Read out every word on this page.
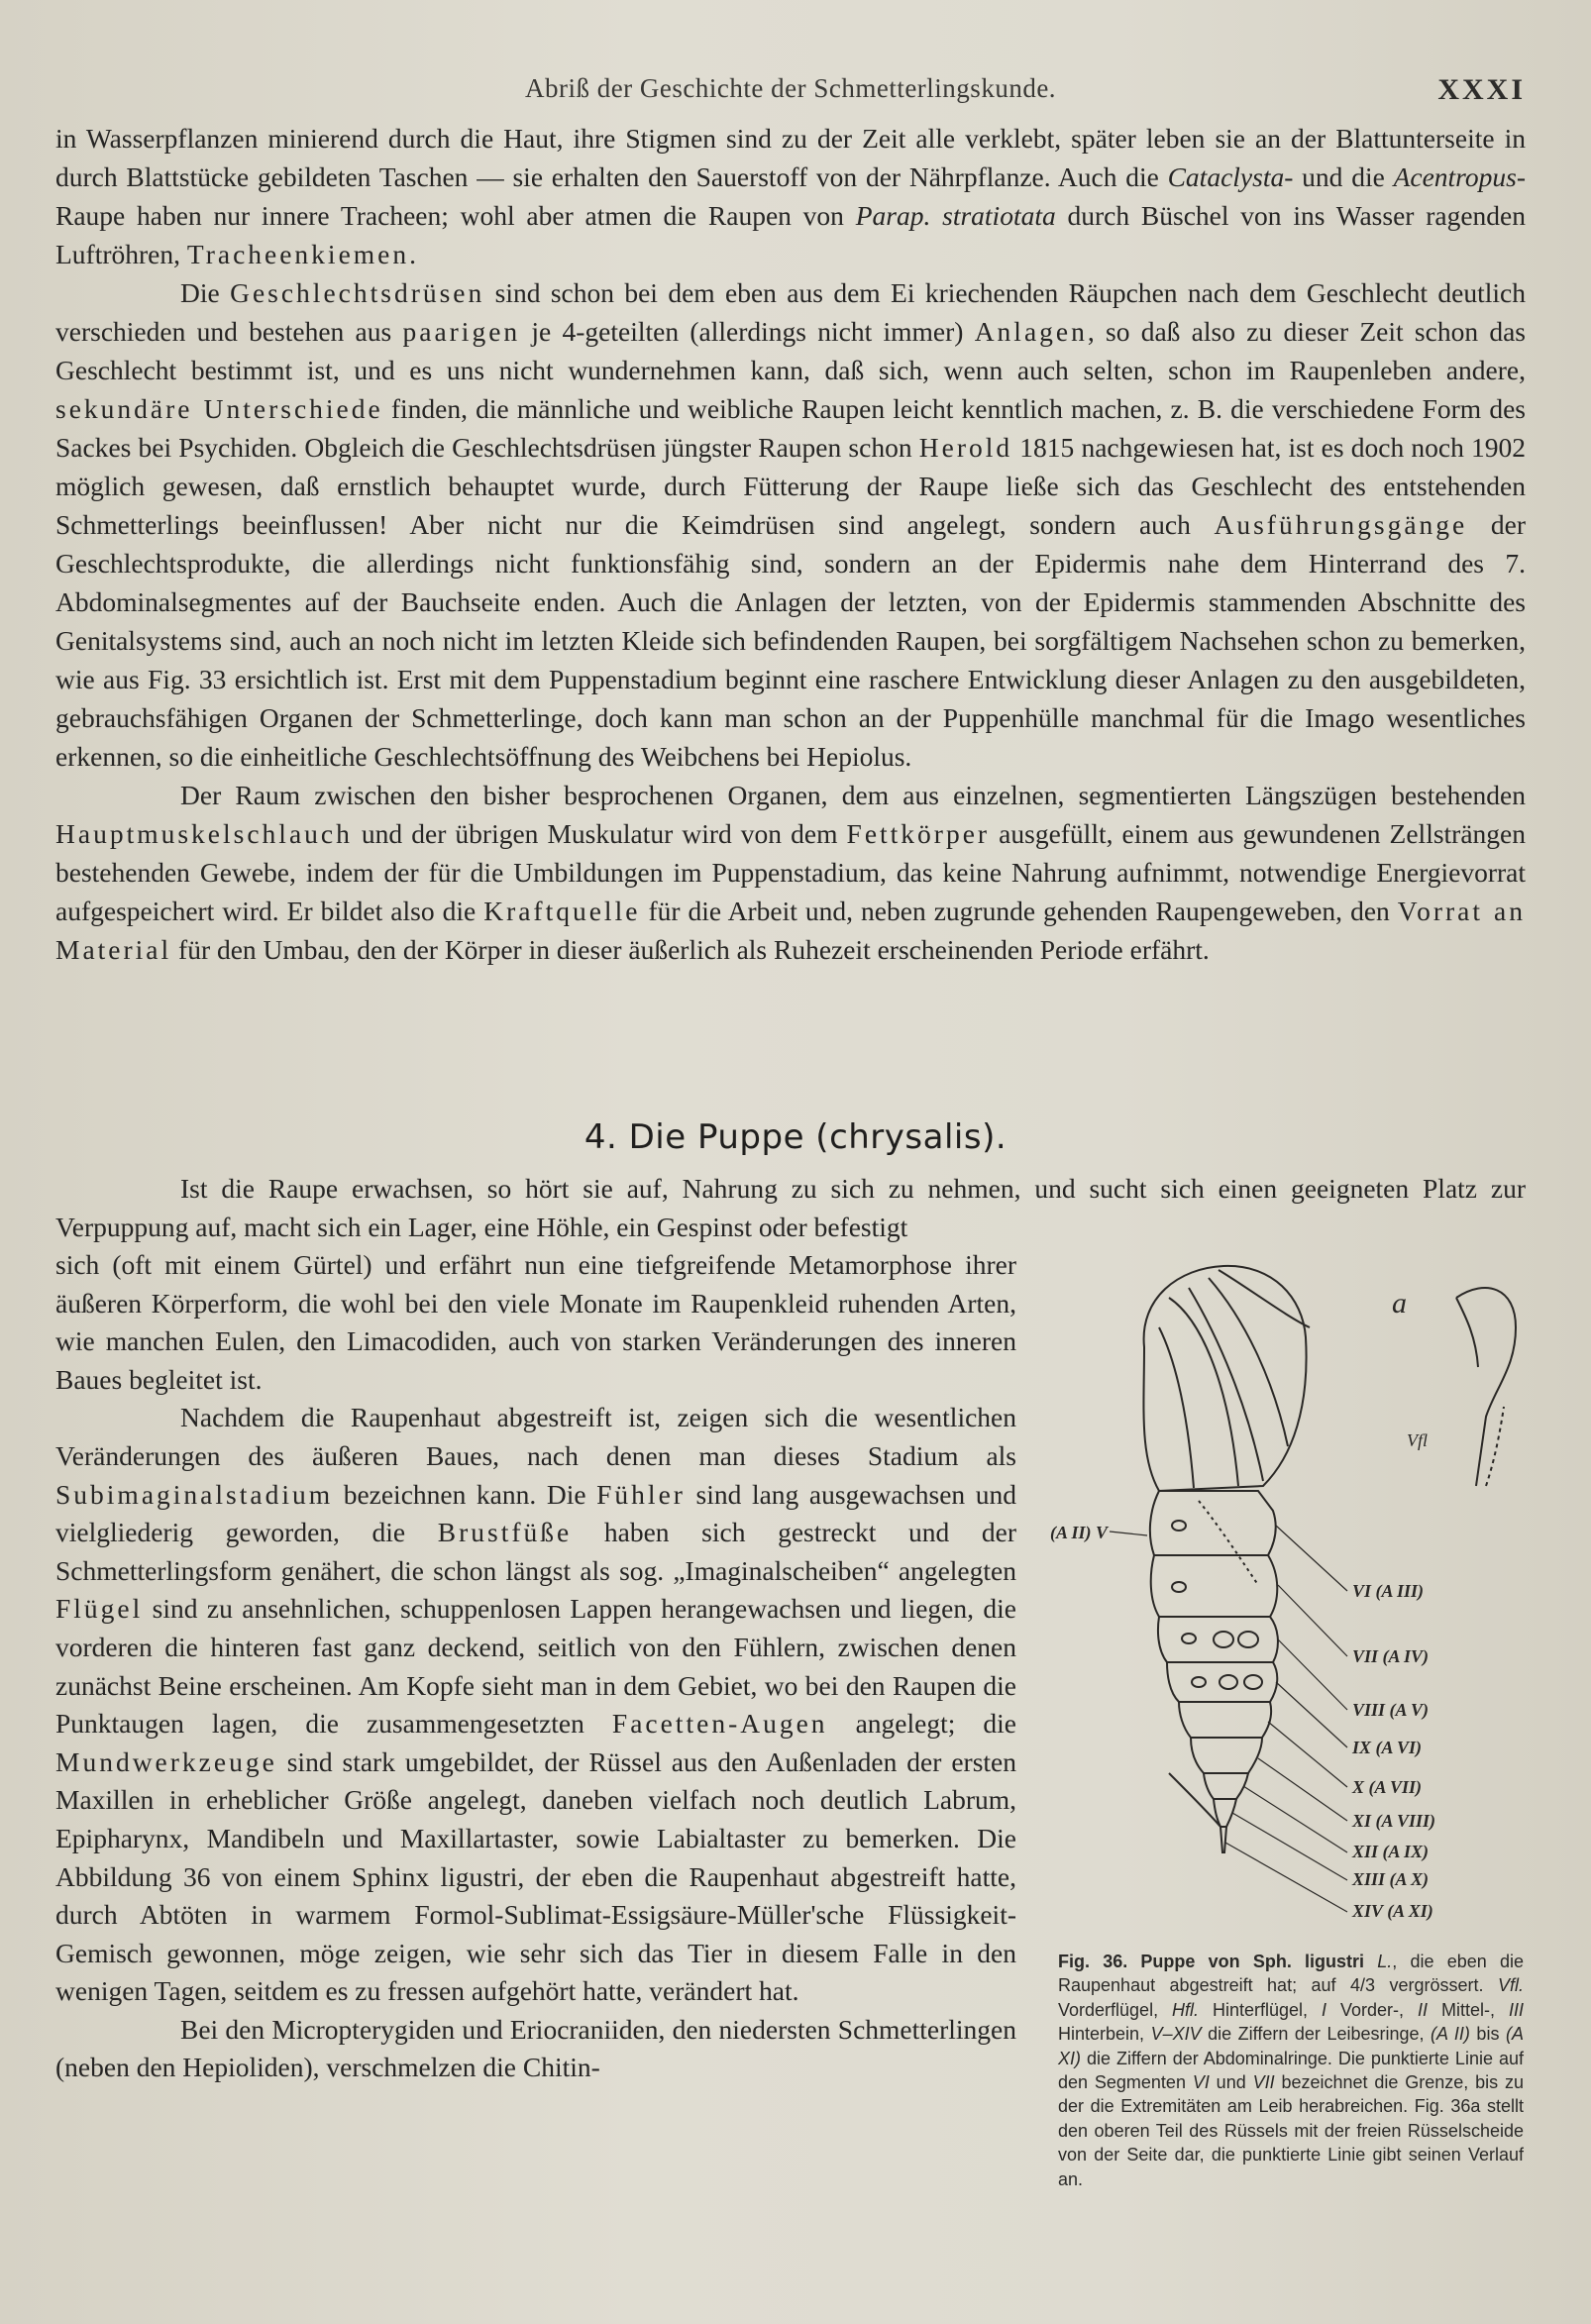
Abriß der Geschichte der Schmetterlingskunde.	XXXI

in Wasserpflanzen minierend durch die Haut, ihre Stigmen sind zu der Zeit alle verklebt, später leben sie an der Blattunterseite in durch Blattstücke gebildeten Taschen — sie erhalten den Sauerstoff von der Nährpflanze. Auch die Cataclysta- und die Acentropus-Raupe haben nur innere Tracheen; wohl aber atmen die Raupen von Parap. stratiotata durch Büschel von ins Wasser ragenden Luftröhren, Tracheenkiemen.

Die Geschlechtsdrüsen sind schon bei dem eben aus dem Ei kriechenden Räupchen nach dem Geschlecht deutlich verschieden und bestehen aus paarigen je 4-geteilten (allerdings nicht immer) Anlagen, so daß also zu dieser Zeit schon das Geschlecht bestimmt ist, und es uns nicht wundernehmen kann, daß sich, wenn auch selten, schon im Raupenleben andere, sekundäre Unterschiede finden, die männliche und weibliche Raupen leicht kenntlich machen, z. B. die verschiedene Form des Sackes bei Psychiden. Obgleich die Geschlechtsdrüsen jüngster Raupen schon Herold 1815 nachgewiesen hat, ist es doch noch 1902 möglich gewesen, daß ernstlich behauptet wurde, durch Fütterung der Raupe ließe sich das Geschlecht des entstehenden Schmetterlings beeinflussen! Aber nicht nur die Keimdrüsen sind angelegt, sondern auch Ausführungsgänge der Geschlechtsprodukte, die allerdings nicht funktionsfähig sind, sondern an der Epidermis nahe dem Hinterrand des 7. Abdominalsegmentes auf der Bauchseite enden. Auch die Anlagen der letzten, von der Epidermis stammenden Abschnitte des Genitalsystems sind, auch an noch nicht im letzten Kleide sich befindenden Raupen, bei sorgfältigem Nachsehen schon zu bemerken, wie aus Fig. 33 ersichtlich ist. Erst mit dem Puppenstadium beginnt eine raschere Entwicklung dieser Anlagen zu den ausgebildeten, gebrauchsfähigen Organen der Schmetterlinge, doch kann man schon an der Puppenhülle manchmal für die Imago wesentliches erkennen, so die einheitliche Geschlechtsöffnung des Weibchens bei Hepiolus.

Der Raum zwischen den bisher besprochenen Organen, dem aus einzelnen, segmentierten Längszügen bestehenden Hauptmuskelschlauch und der übrigen Muskulatur wird von dem Fettkörper ausgefüllt, einem aus gewundenen Zellsträngen bestehenden Gewebe, indem der für die Umbildungen im Puppenstadium, das keine Nahrung aufnimmt, notwendige Energievorrat aufgespeichert wird. Er bildet also die Kraftquelle für die Arbeit und, neben zugrunde gehenden Raupengeweben, den Vorrat an Material für den Umbau, den der Körper in dieser äußerlich als Ruhezeit erscheinenden Periode erfährt.

4. Die Puppe (chrysalis).

Ist die Raupe erwachsen, so hört sie auf, Nahrung zu sich zu nehmen, und sucht sich einen geeigneten Platz zur Verpuppung auf, macht sich ein Lager, eine Höhle, ein Gespinst oder befestigt

sich (oft mit einem Gürtel) und erfährt nun eine tiefgreifende Metamorphose ihrer äußeren Körperform, die wohl bei den viele Monate im Raupenkleid ruhenden Arten, wie manchen Eulen, den Limacodiden, auch von starken Veränderungen des inneren Baues begleitet ist.

Nachdem die Raupenhaut abgestreift ist, zeigen sich die wesentlichen Veränderungen des äußeren Baues, nach denen man dieses Stadium als Subimaginalstadium bezeichnen kann. Die Fühler sind lang ausgewachsen und vielgliederig geworden, die Brustfüße haben sich gestreckt und der Schmetterlingsform genähert, die schon längst als sog. „Imaginalscheiben“ angelegten Flügel sind zu ansehnlichen, schuppenlosen Lappen herangewachsen und liegen, die vorderen die hinteren fast ganz deckend, seitlich von den Fühlern, zwischen denen zunächst Beine erscheinen. Am Kopfe sieht man in dem Gebiet, wo bei den Raupen die Punktaugen lagen, die zusammengesetzten Facetten-Augen angelegt; die Mundwerkzeuge sind stark umgebildet, der Rüssel aus den Außenladen der ersten Maxillen in erheblicher Größe angelegt, daneben vielfach noch deutlich Labrum, Epipharynx, Mandibeln und Maxillartaster, sowie Labialtaster zu bemerken. Die Abbildung 36 von einem Sphinx ligustri, der eben die Raupenhaut abgestreift hatte, durch Abtöten in warmem Formol-Sublimat-Essigsäure-Müller'sche Flüssigkeit-Gemisch gewonnen, möge zeigen, wie sehr sich das Tier in diesem Falle in den wenigen Tagen, seitdem es zu fressen aufgehört hatte, verändert hat.

Bei den Micropterygiden und Eriocraniiden, den niedersten Schmetterlingen (neben den Hepioliden), verschmelzen die Chitin-

a
Vfl
(A II) V
VI (A III)
VII (A IV)
VIII (A V)
IX (A VI)
X (A VII)
XI (A VIII)
XII (A IX)
XIII (A X)
XIV (A XI)
Fig. 36. Puppe von Sph. ligustri L., die eben die Raupenhaut abgestreift hat; auf 4/3 vergrössert. Vfl. Vorderflügel, Hfl. Hinterflügel, I Vorder-, II Mittel-, III Hinterbein, V–XIV die Ziffern der Leibesringe, (A II) bis (A XI) die Ziffern der Abdominalringe. Die punktierte Linie auf den Segmenten VI und VII bezeichnet die Grenze, bis zu der die Extremitäten am Leib herabreichen. Fig. 36a stellt den oberen Teil des Rüssels mit der freien Rüsselscheide von der Seite dar, die punktierte Linie gibt seinen Verlauf an.
